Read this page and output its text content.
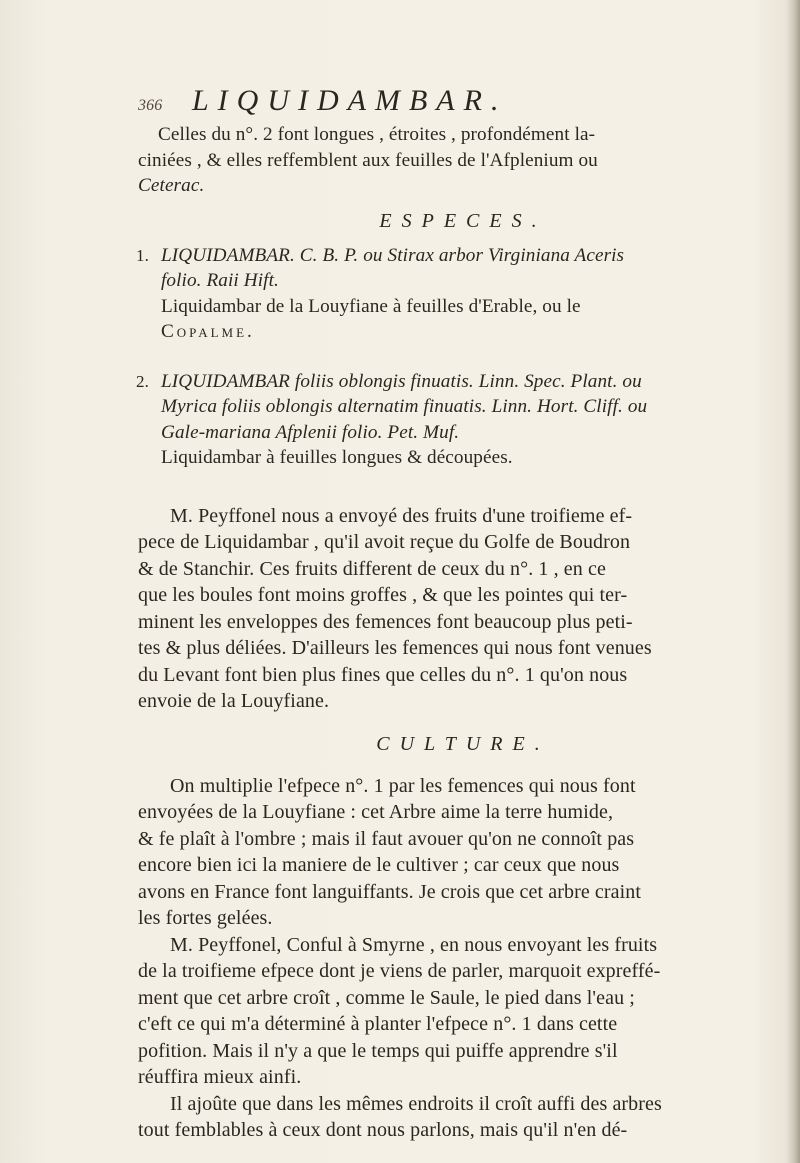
366 LIQUIDAMBAR.

Celles du n°. 2 font longues , étroites , profondément la-

ciniées , & elles reffemblent aux feuilles de l'Afplenium ou

Ceterac.

ESPECES.
1. LIQUIDAMBAR. C. B. P. ou Stirax arbor Virginiana Aceris

folio. Raii Hift.

Liquidambar de la Louyfiane à feuilles d'Erable, ou le

Copalme.

2. LIQUIDAMBAR foliis oblongis finuatis. Linn. Spec. Plant. ou

Myrica foliis oblongis alternatim finuatis. Linn. Hort. Cliff. ou

Gale-mariana Afplenii folio. Pet. Muf.

Liquidambar à feuilles longues & découpées.

M. Peyffonel nous a envoyé des fruits d'une troifieme ef-

pece de Liquidambar , qu'il avoit reçue du Golfe de Boudron

& de Stanchir. Ces fruits different de ceux du n°. 1 , en ce

que les boules font moins groffes , & que les pointes qui ter-

minent les enveloppes des femences font beaucoup plus peti-

tes & plus déliées. D'ailleurs les femences qui nous font venues

du Levant font bien plus fines que celles du n°. 1 qu'on nous

envoie de la Louyfiane.

CULTURE.

On multiplie l'efpece n°. 1 par les femences qui nous font

envoyées de la Louyfiane : cet Arbre aime la terre humide,

& fe plaît à l'ombre ; mais il faut avouer qu'on ne connoît pas

encore bien ici la maniere de le cultiver ; car ceux que nous

avons en France font languiffants. Je crois que cet arbre craint

les fortes gelées.

M. Peyffonel, Conful à Smyrne , en nous envoyant les fruits

de la troifieme efpece dont je viens de parler, marquoit expreffé-

ment que cet arbre croît , comme le Saule, le pied dans l'eau ;

c'eft ce qui m'a déterminé à planter l'efpece n°. 1 dans cette

pofition. Mais il n'y a que le temps qui puiffe apprendre s'il

réuffira mieux ainfi.

Il ajoûte que dans les mêmes endroits il croît auffi des arbres

tout femblables à ceux dont nous parlons, mais qu'il n'en dé-
